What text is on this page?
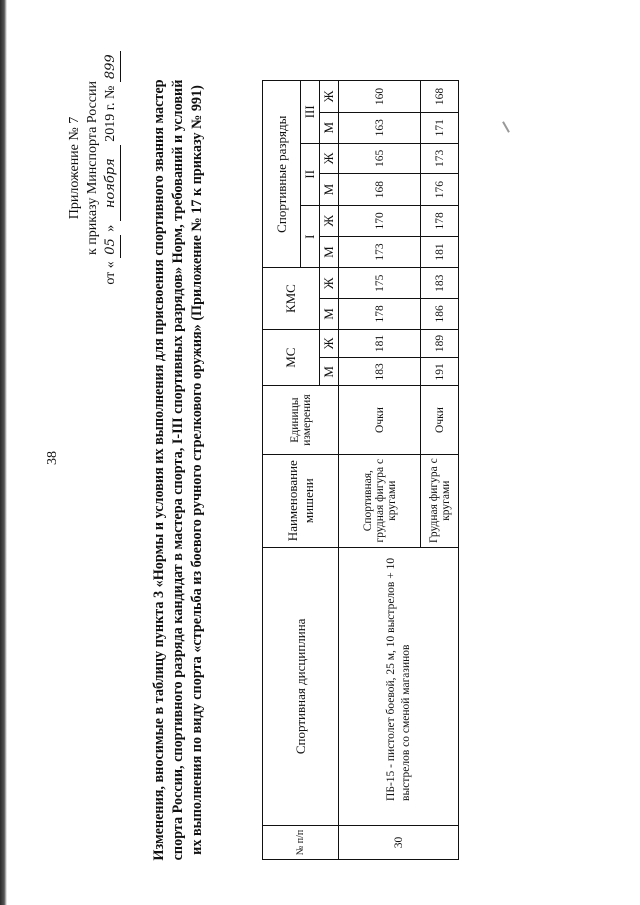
38
Приложение № 7 к приказу Минспорта России
от « 05 » ноября 2019 г. № 899
Изменения, вносимые в таблицу пункта 3 «Нормы и условия их выполнения для присвоения спортивного звания мастер спорта России, спортивного разряда кандидат в мастера спорта, I-III спортивных разрядов» Норм, требований и условий их выполнения по виду спорта «стрельба из боевого ручного стрелкового оружия» (Приложение № 17 к приказу № 991)	№ п/п	Спортивная дисциплина	Наименование мишени	Единицы измерения	МС		КМС		Спортивные разряды					
								I		II		III	
				М	Ж	М	Ж	М	Ж	М	Ж	М	Ж
30	ПБ-15 - пистолет боевой, 25 м, 10 выстрелов + 10 выстрелов со сменой магазинов	Спортивная, грудная фигура с кругами	Очки	183	181	178	175	173	170	168	165	163	160
		Грудная фигура с кругами	Очки	191	189	186	183	181	178	176	173	171	168
